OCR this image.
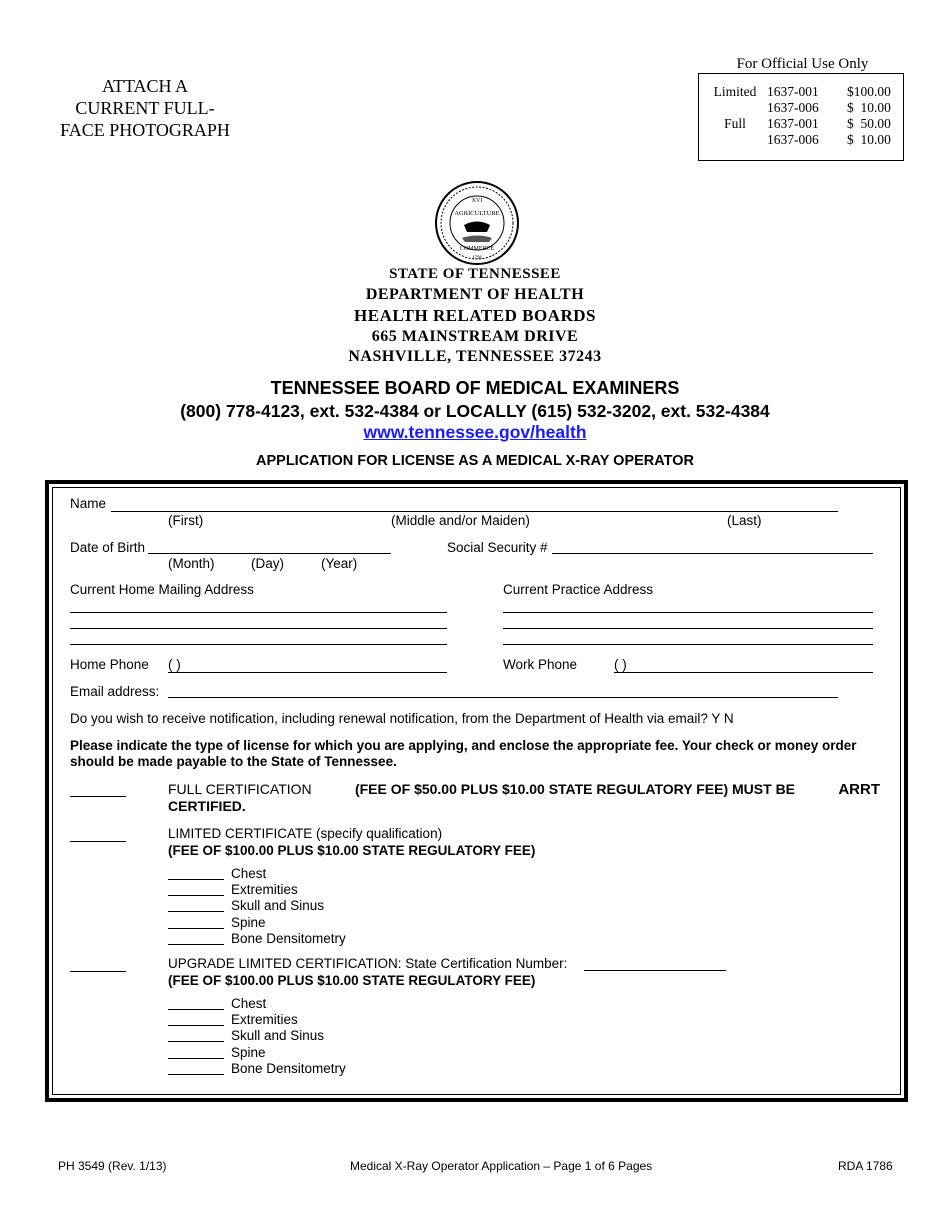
ATTACH A CURRENT FULL-FACE PHOTOGRAPH
For Official Use Only
Limited	1637-001	$100.00
	1637-006	$  10.00
Full	1637-001	$  50.00
	1637-006	$  10.00
XVI
AGRICULTURE
COMMERCE
1796
STATE OF TENNESSEE
DEPARTMENT OF HEALTH
HEALTH RELATED BOARDS
665 MAINSTREAM DRIVE
NASHVILLE, TENNESSEE 37243
TENNESSEE BOARD OF MEDICAL EXAMINERS
(800) 778-4123, ext. 532-4384 or LOCALLY (615) 532-3202, ext. 532-4384
www.tennessee.gov/health
APPLICATION FOR LICENSE AS A MEDICAL X-RAY OPERATOR
Name
(First)	(Middle and/or Maiden)	(Last)
Date of Birth
(Month)	(Day)	(Year)
Social Security #
Current Home Mailing Address	Current Practice Address
Home Phone ( )	Work Phone	( )
Email address:
Do you wish to receive notification, including renewal notification, from the Department of Health via email? Y N
Please indicate the type of license for which you are applying, and enclose the appropriate fee. Your check or money order should be made payable to the State of Tennessee.
FULL CERTIFICATION	(FEE OF $50.00 PLUS $10.00 STATE REGULATORY FEE) MUST BE	ARRT
CERTIFIED.
LIMITED CERTIFICATE (specify qualification)
(FEE OF $100.00 PLUS $10.00 STATE REGULATORY FEE)
Chest
Extremities
Skull and Sinus
Spine
Bone Densitometry
UPGRADE LIMITED CERTIFICATION: State Certification Number:
(FEE OF $100.00 PLUS $10.00 STATE REGULATORY FEE)
Chest
Extremities
Skull and Sinus
Spine
Bone Densitometry
PH 3549 (Rev. 1/13)	Medical X-Ray Operator Application – Page 1 of 6 Pages	RDA 1786
